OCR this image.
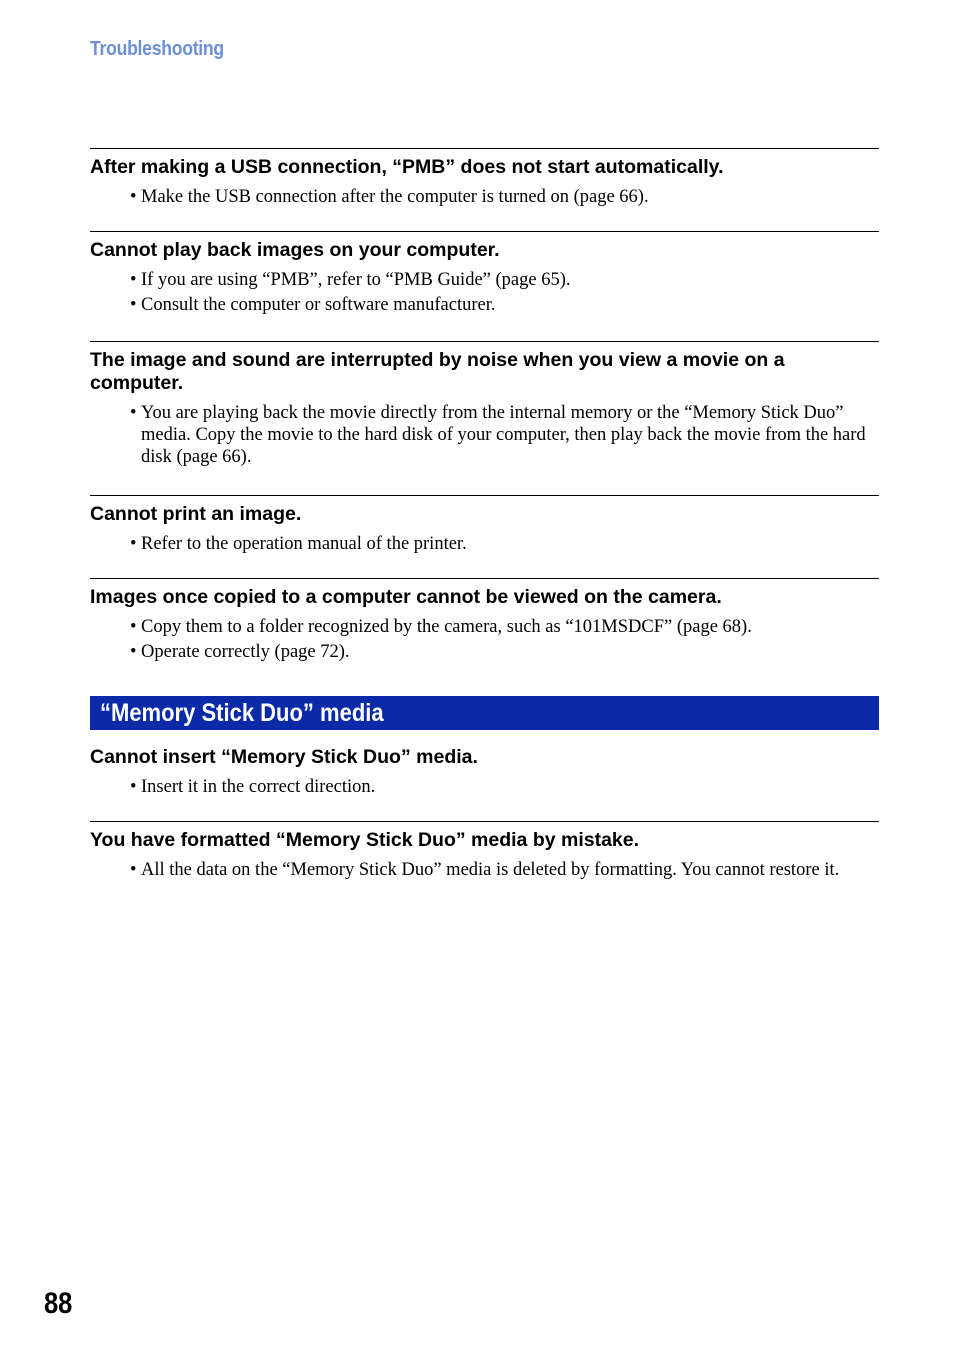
Troubleshooting
After making a USB connection, “PMB” does not start automatically.
• Make the USB connection after the computer is turned on (page 66).
Cannot play back images on your computer.
• If you are using “PMB”, refer to “PMB Guide” (page 65).
• Consult the computer or software manufacturer.
The image and sound are interrupted by noise when you view a movie on a computer.
• You are playing back the movie directly from the internal memory or the “Memory Stick Duo” media. Copy the movie to the hard disk of your computer, then play back the movie from the hard disk (page 66).
Cannot print an image.
• Refer to the operation manual of the printer.
Images once copied to a computer cannot be viewed on the camera.
• Copy them to a folder recognized by the camera, such as “101MSDCF” (page 68).
• Operate correctly (page 72).
“Memory Stick Duo” media
Cannot insert “Memory Stick Duo” media.
• Insert it in the correct direction.
You have formatted “Memory Stick Duo” media by mistake.
• All the data on the “Memory Stick Duo” media is deleted by formatting. You cannot restore it.
88
